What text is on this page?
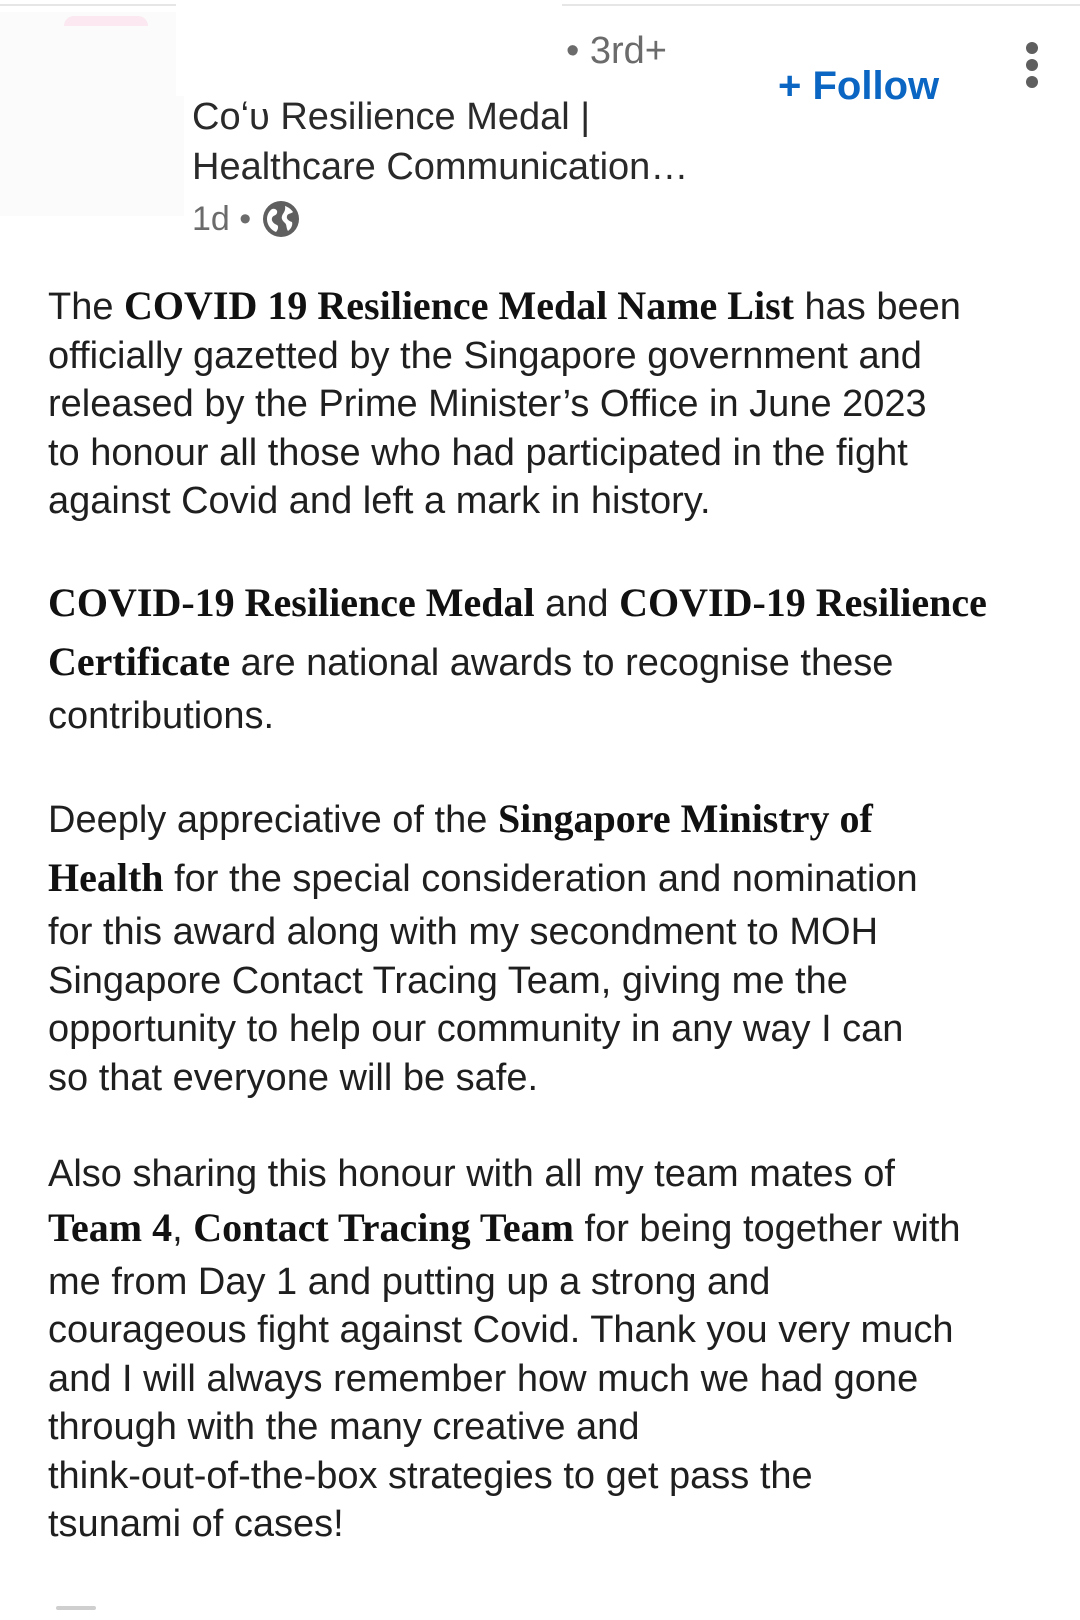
• 3rd+
Coʻᴜ Resilience Medal |
Healthcare Communication…
1d •
+ Follow
The COVID 19 Resilience Medal Name List has been
officially gazetted by the Singapore government and
released by the Prime Minister’s Office in June 2023
to honour all those who had participated in the fight
against Covid and left a mark in history.
COVID-19 Resilience Medal and COVID-19 Resilience
Certificate are national awards to recognise these
contributions.
Deeply appreciative of the Singapore Ministry of
Health for the special consideration and nomination
for this award along with my secondment to MOH
Singapore Contact Tracing Team, giving me the
opportunity to help our community in any way I can
so that everyone will be safe.
Also sharing this honour with all my team mates of
Team 4, Contact Tracing Team for being together with
me from Day 1 and putting up a strong and
courageous fight against Covid. Thank you very much
and I will always remember how much we had gone
through with the many creative and
think-out-of-the-box strategies to get pass the
tsunami of cases!
